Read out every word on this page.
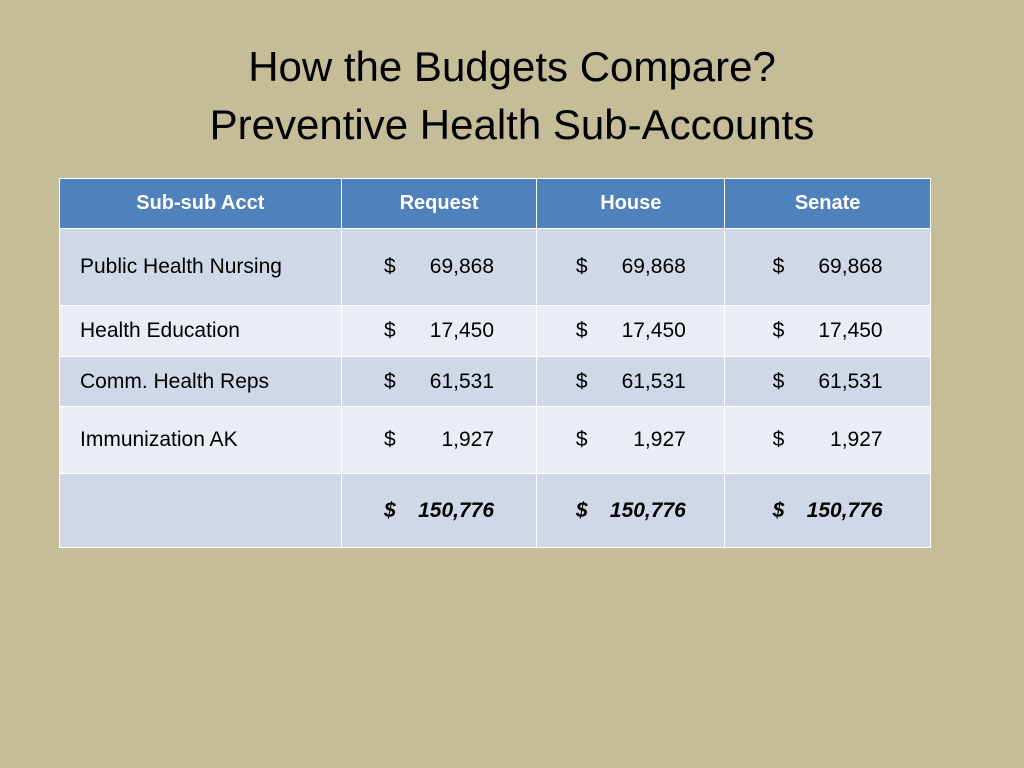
How the Budgets Compare?
Preventive Health Sub-Accounts
Sub-sub Acct	Request	House	Senate
Public Health Nursing	$ 69,868	$ 69,868	$ 69,868
Health Education	$ 17,450	$ 17,450	$ 17,450
Comm. Health Reps	$ 61,531	$ 61,531	$ 61,531
Immunization AK	$ 1,927	$ 1,927	$ 1,927
	$ 150,776	$ 150,776	$ 150,776
